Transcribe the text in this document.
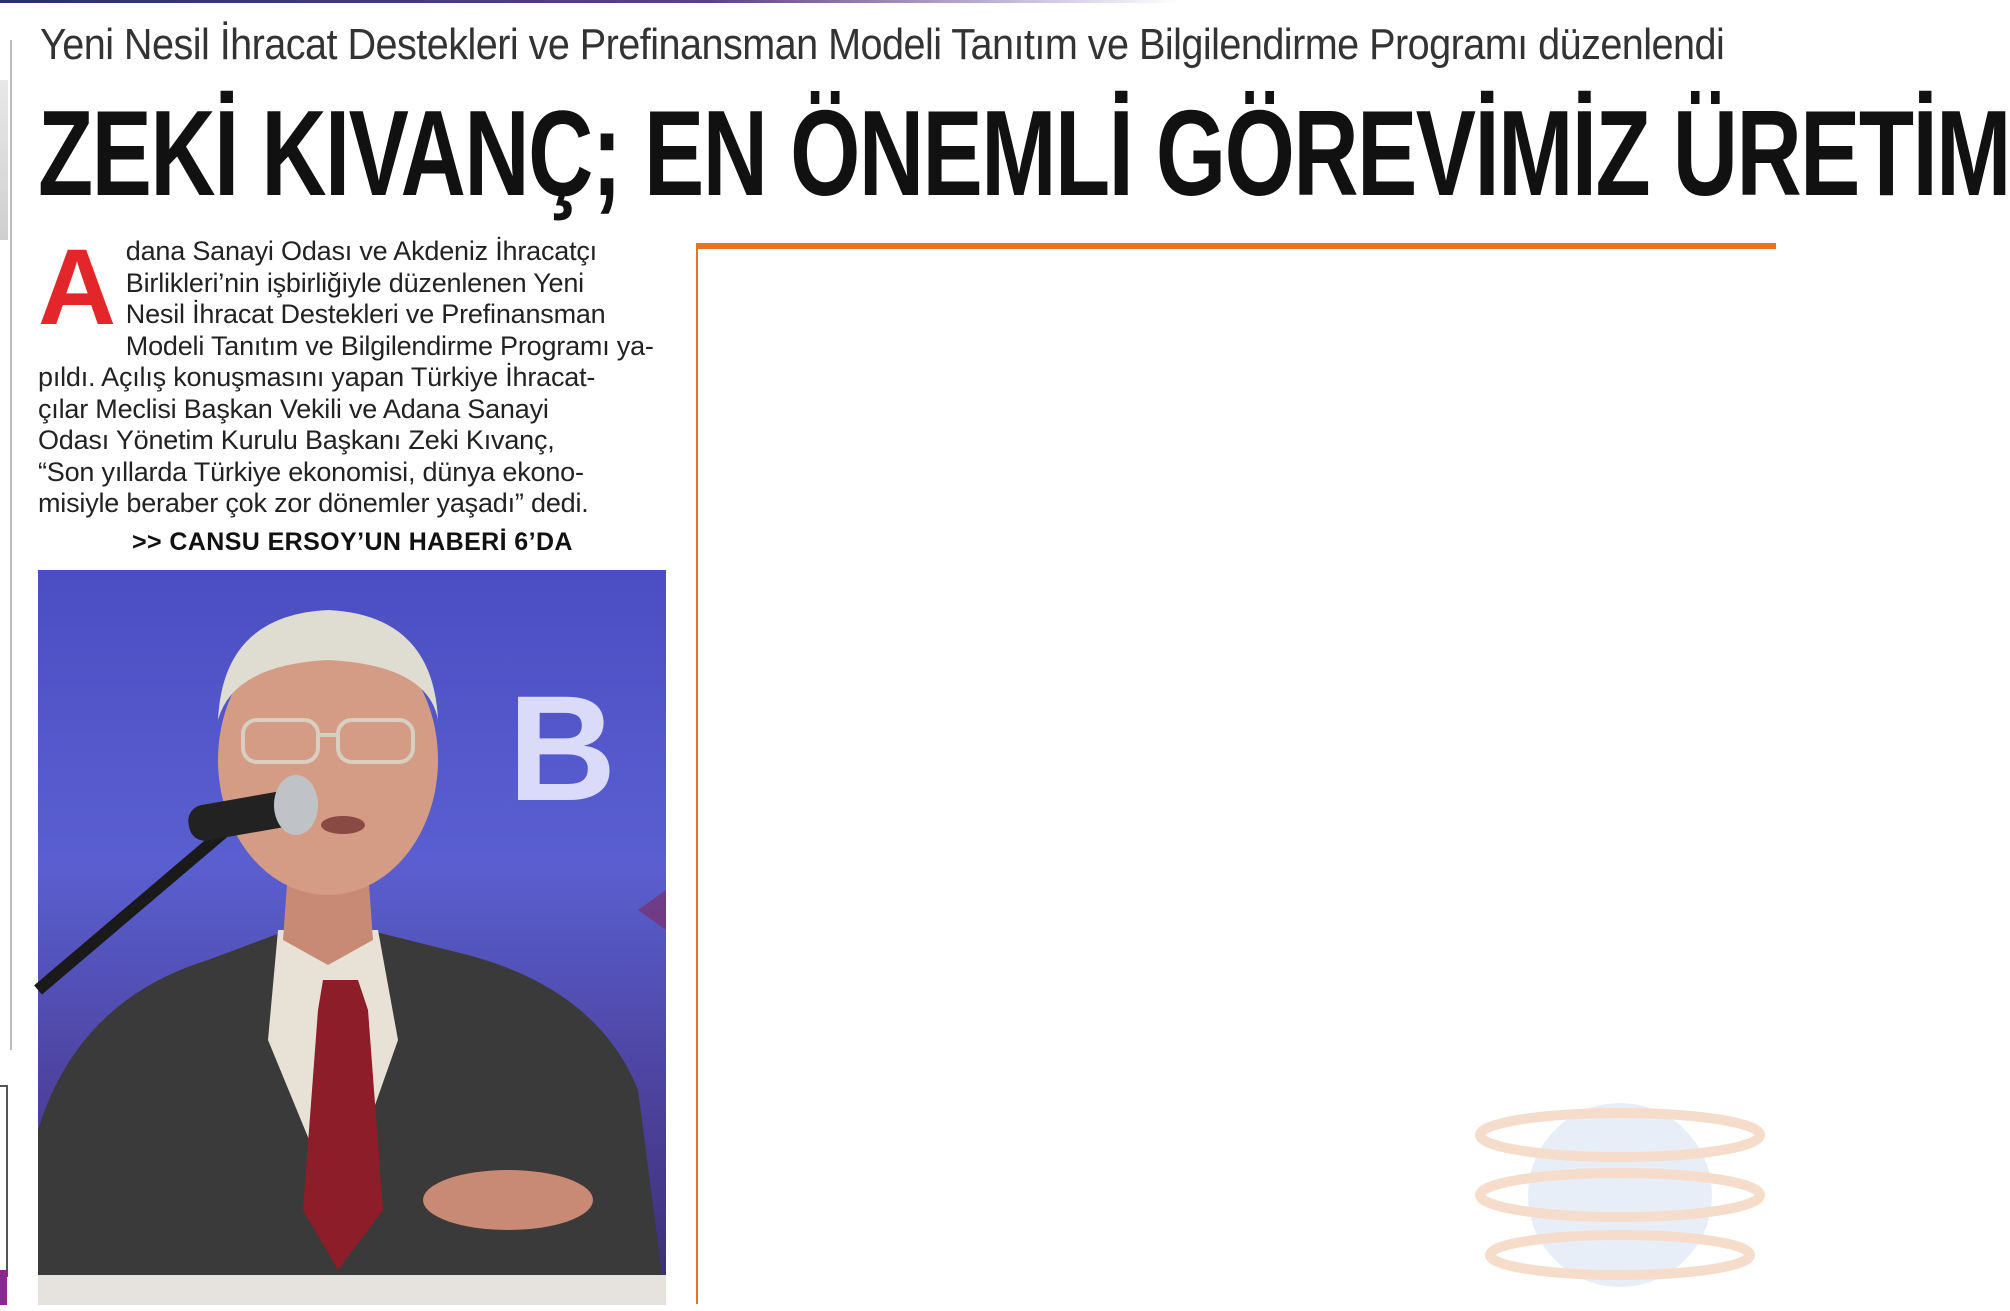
Yeni Nesil İhracat Destekleri ve Prefinansman Modeli Tanıtım ve Bilgilendirme Programı düzenlendi
ZEKİ KIVANÇ; EN ÖNEMLİ GÖREVİMİZ ÜRETİM
A dana Sanayi Odası ve Akdeniz İhracatçı

Birlikleri’nin işbirliğiyle düzenlenen Yeni

Nesil İhracat Destekleri ve Prefinansman

Modeli Tanıtım ve Bilgilendirme Programı ya-

pıldı. Açılış konuşmasını yapan Türkiye İhracat-

çılar Meclisi Başkan Vekili ve Adana Sanayi

Odası Yönetim Kurulu Başkanı Zeki Kıvanç,

“Son yıllarda Türkiye ekonomisi, dünya ekono-

misiyle beraber çok zor dönemler yaşadı” dedi.

>> CANSU ERSOY’UN HABERİ 6’DA
B
